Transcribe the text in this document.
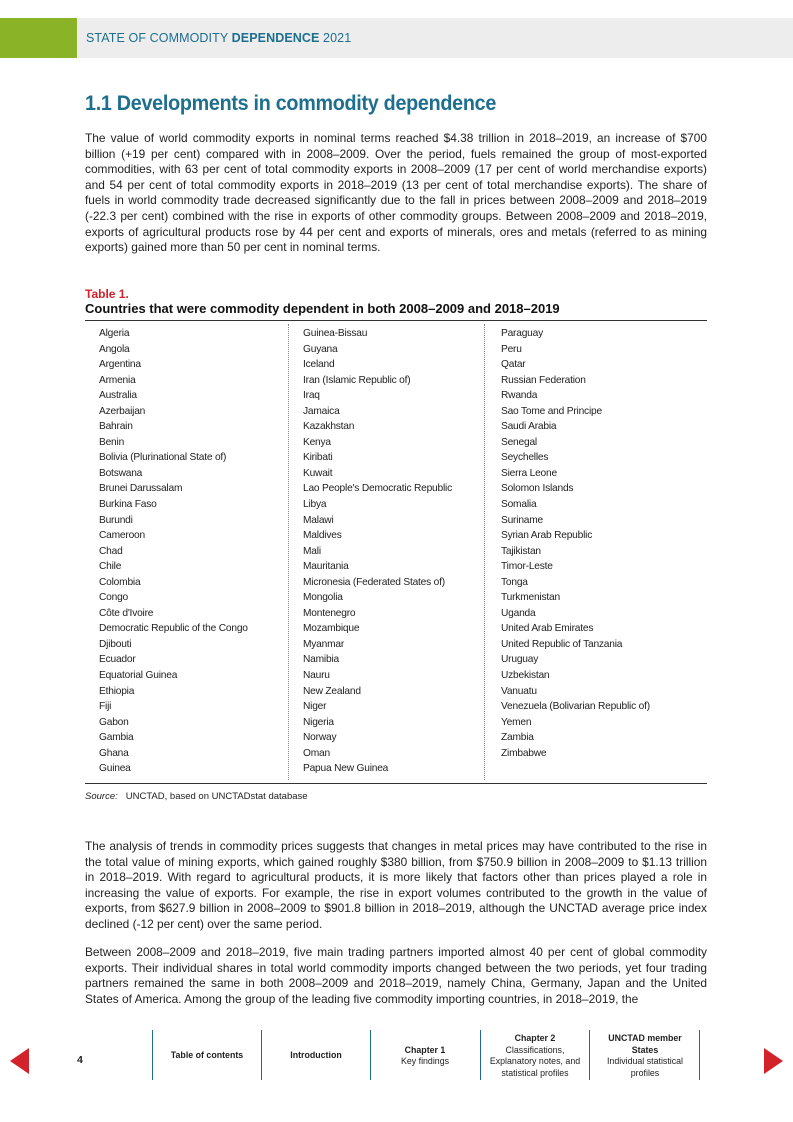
STATE OF COMMODITY DEPENDENCE 2021
1.1 Developments in commodity dependence

The value of world commodity exports in nominal terms reached $4.38 trillion in 2018–2019, an increase of $700 billion (+19 per cent) compared with in 2008–2009. Over the period, fuels remained the group of most-exported commodities, with 63 per cent of total commodity exports in 2008–2009 (17 per cent of world merchandise exports) and 54 per cent of total commodity exports in 2018–2019 (13 per cent of total merchandise exports). The share of fuels in world commodity trade decreased significantly due to the fall in prices between 2008–2009 and 2018–2019 (-22.3 per cent) combined with the rise in exports of other commodity groups. Between 2008–2009 and 2018–2019, exports of agricultural products rose by 44 per cent and exports of minerals, ores and metals (referred to as mining exports) gained more than 50 per cent in nominal terms.

Table 1.
Countries that were commodity dependent in both 2008–2009 and 2018–2019
Algeria
Angola
Argentina
Armenia
Australia
Azerbaijan
Bahrain
Benin
Bolivia (Plurinational State of)
Botswana
Brunei Darussalam
Burkina Faso
Burundi
Cameroon
Chad
Chile
Colombia
Congo
Côte d'Ivoire
Democratic Republic of the Congo
Djibouti
Ecuador
Equatorial Guinea
Ethiopia
Fiji
Gabon
Gambia
Ghana
Guinea
Guinea-Bissau
Guyana
Iceland
Iran (Islamic Republic of)
Iraq
Jamaica
Kazakhstan
Kenya
Kiribati
Kuwait
Lao People's Democratic Republic
Libya
Malawi
Maldives
Mali
Mauritania
Micronesia (Federated States of)
Mongolia
Montenegro
Mozambique
Myanmar
Namibia
Nauru
New Zealand
Niger
Nigeria
Norway
Oman
Papua New Guinea
Paraguay
Peru
Qatar
Russian Federation
Rwanda
Sao Tome and Principe
Saudi Arabia
Senegal
Seychelles
Sierra Leone
Solomon Islands
Somalia
Suriname
Syrian Arab Republic
Tajikistan
Timor-Leste
Tonga
Turkmenistan
Uganda
United Arab Emirates
United Republic of Tanzania
Uruguay
Uzbekistan
Vanuatu
Venezuela (Bolivarian Republic of)
Yemen
Zambia
Zimbabwe
Source: UNCTAD, based on UNCTADstat database

The analysis of trends in commodity prices suggests that changes in metal prices may have contributed to the rise in the total value of mining exports, which gained roughly $380 billion, from $750.9 billion in 2008–2009 to $1.13 trillion in 2018–2019. With regard to agricultural products, it is more likely that factors other than prices played a role in increasing the value of exports. For example, the rise in export volumes contributed to the growth in the value of exports, from $627.9 billion in 2008–2009 to $901.8 billion in 2018–2019, although the UNCTAD average price index declined (-12 per cent) over the same period.

Between 2008–2009 and 2018–2019, five main trading partners imported almost 40 per cent of global commodity exports. Their individual shares in total world commodity imports changed between the two periods, yet four trading partners remained the same in both 2008–2009 and 2018–2019, namely China, Germany, Japan and the United States of America. Among the group of the leading five commodity importing countries, in 2018–2019, the

4	Table of contents	Introduction
Chapter 1
Key findings
Chapter 2
Classifications,
Explanatory notes, and
statistical profiles
UNCTAD member States
Individual statistical
profiles
